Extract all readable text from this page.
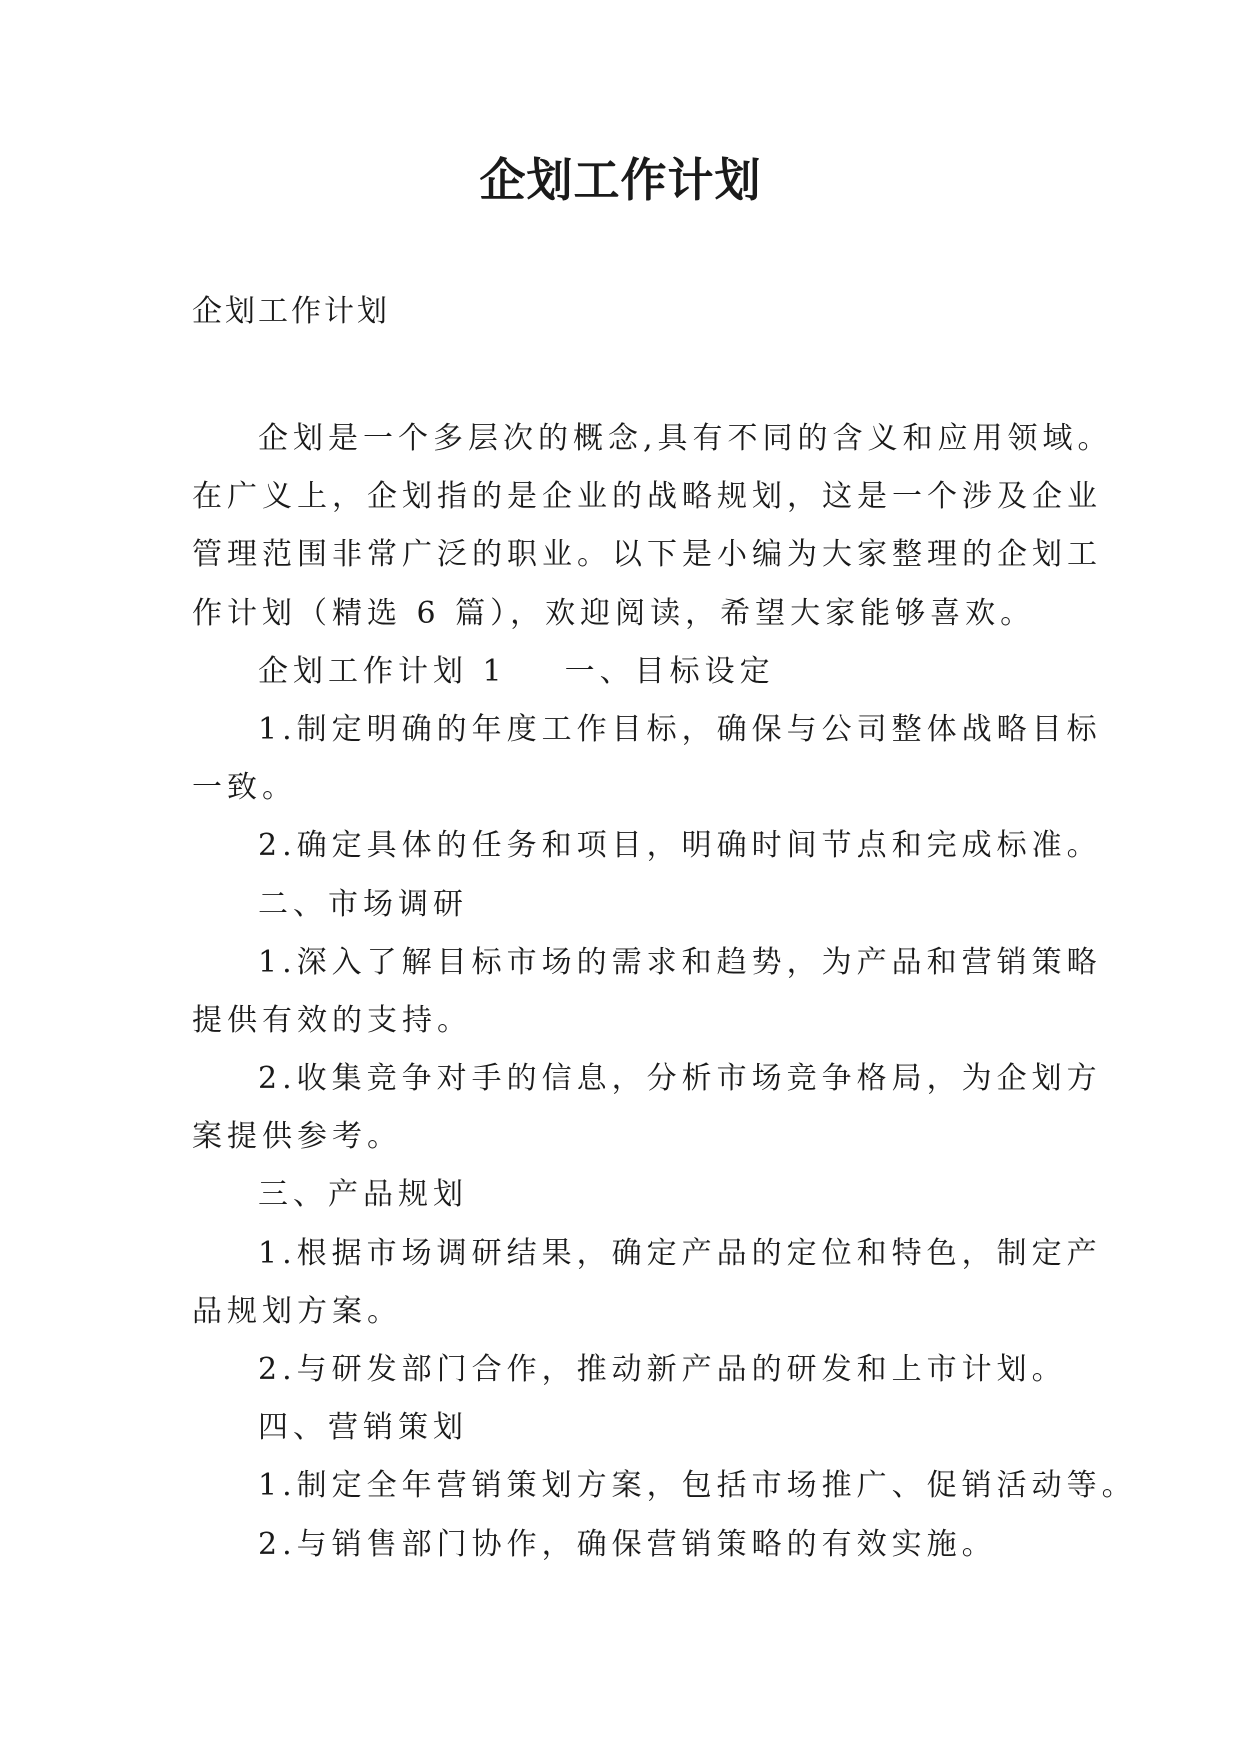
企划工作计划
企划工作计划
企划是一个多层次的概念,具有不同的含义和应用领域。
在广义上，企划指的是企业的战略规划，这是一个涉及企业
管理范围非常广泛的职业。以下是小编为大家整理的企划工
作计划（精选 6 篇），欢迎阅读，希望大家能够喜欢。
企划工作计划 1 一、目标设定
1.制定明确的年度工作目标，确保与公司整体战略目标
一致。
2.确定具体的任务和项目，明确时间节点和完成标准。
二、市场调研
1.深入了解目标市场的需求和趋势，为产品和营销策略
提供有效的支持。
2.收集竞争对手的信息，分析市场竞争格局，为企划方
案提供参考。
三、产品规划
1.根据市场调研结果，确定产品的定位和特色，制定产
品规划方案。
2.与研发部门合作，推动新产品的研发和上市计划。
四、营销策划
1.制定全年营销策划方案，包括市场推广、促销活动等。
2.与销售部门协作，确保营销策略的有效实施。
